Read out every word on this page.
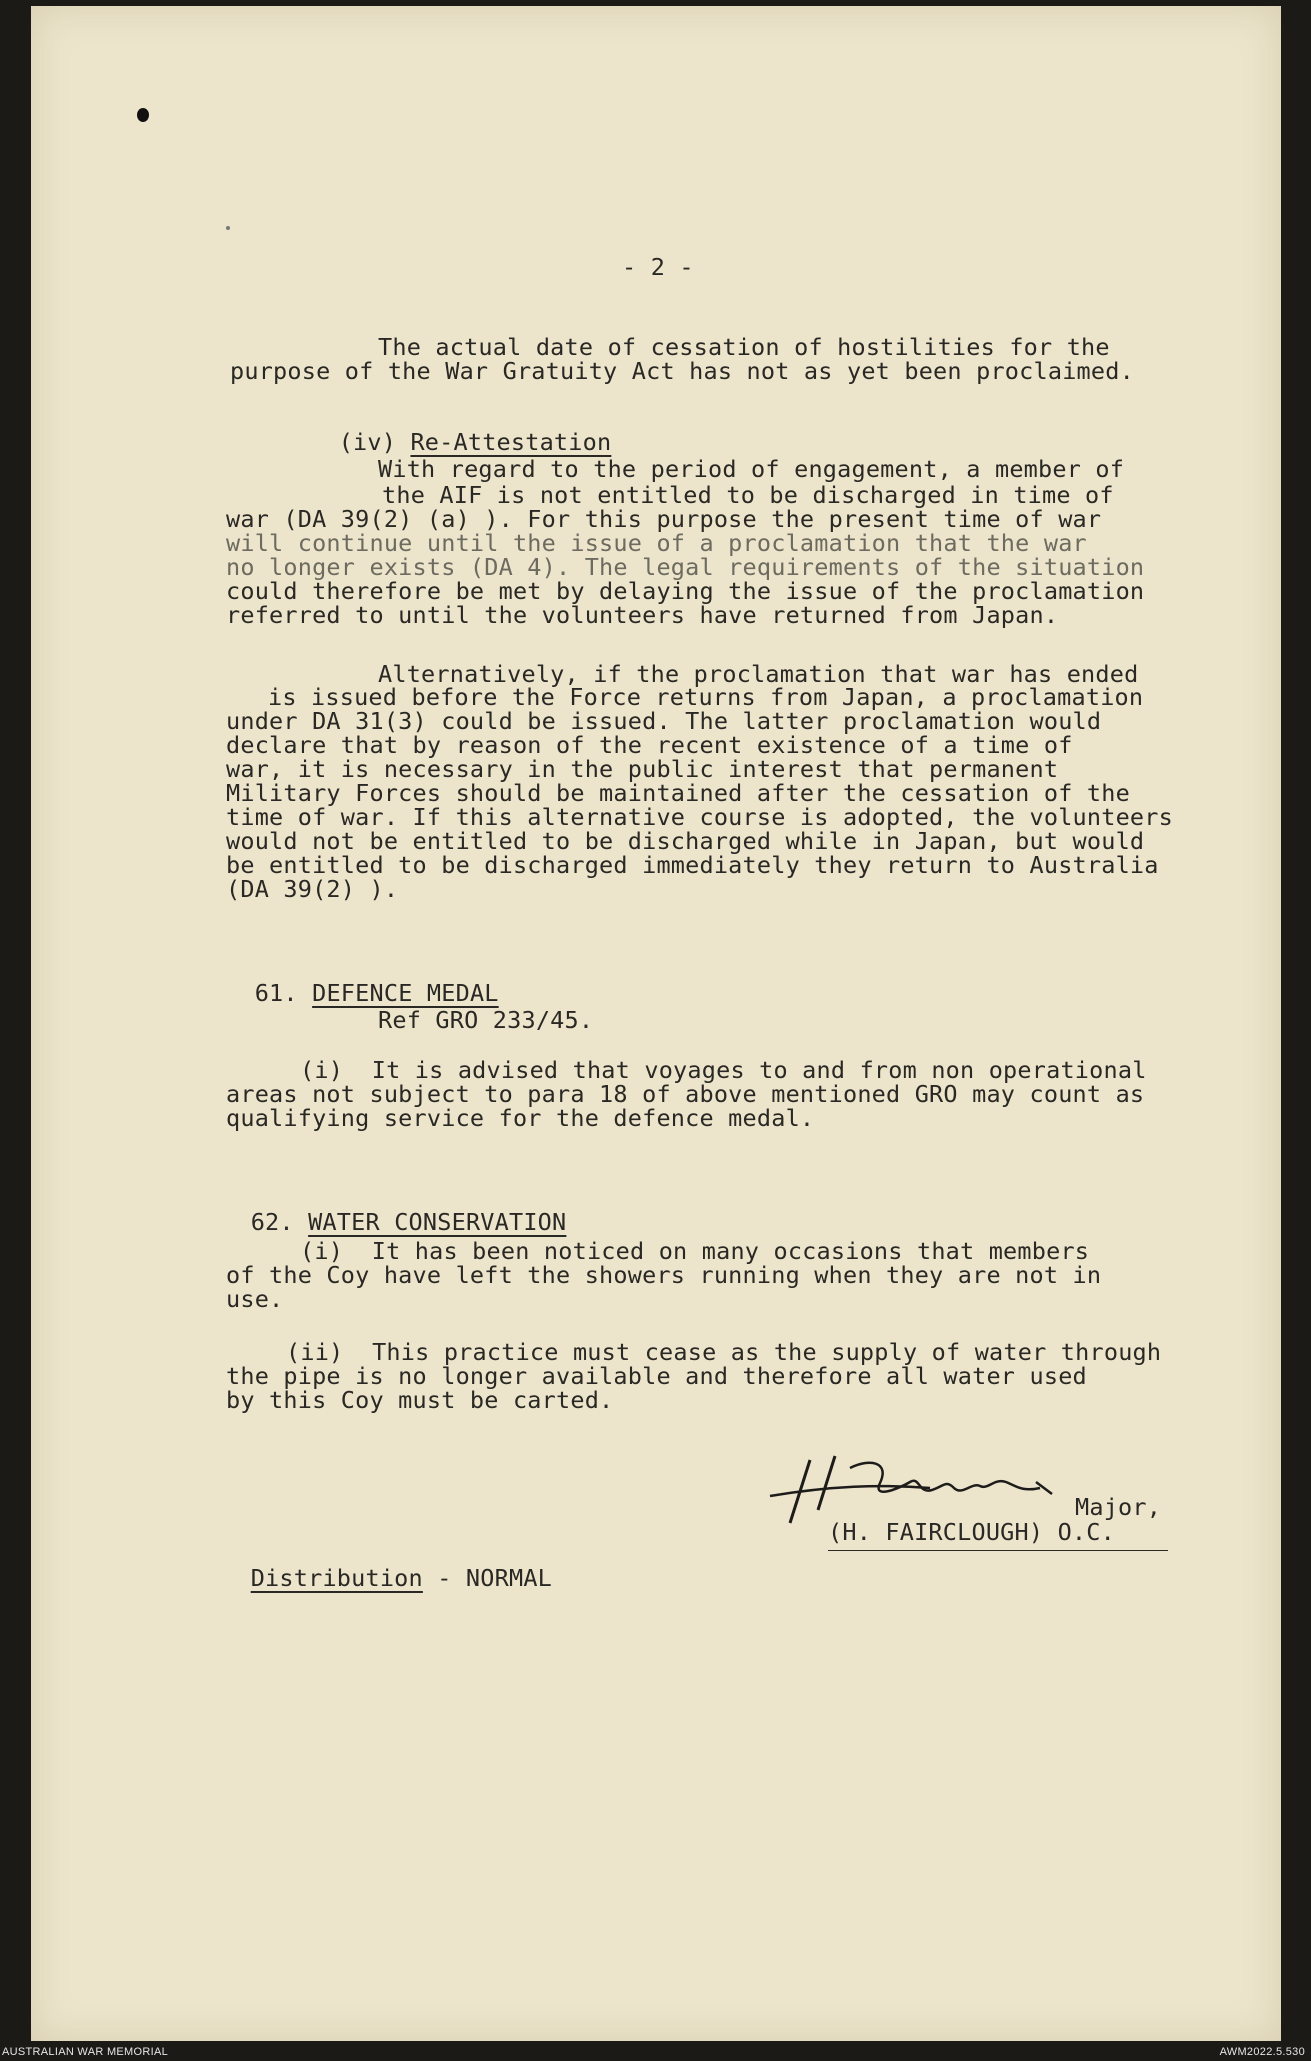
- 2 -
The actual date of cessation of hostilities for the
purpose of the War Gratuity Act has not as yet been proclaimed.

(iv) Re-Attestation

With regard to the period of engagement, a member of
the AIF is not entitled to be discharged in time of
war (DA 39(2) (a) ). For this purpose the present time of war
will continue until the issue of a proclamation that the war
no longer exists (DA 4). The legal requirements of the situation
could therefore be met by delaying the issue of the proclamation
referred to until the volunteers have returned from Japan.
Alternatively, if the proclamation that war has ended
is issued before the Force returns from Japan, a proclamation
under DA 31(3) could be issued. The latter proclamation would
declare that by reason of the recent existence of a time of
war, it is necessary in the public interest that permanent
Military Forces should be maintained after the cessation of the
time of war. If this alternative course is adopted, the volunteers
would not be entitled to be discharged while in Japan, but would
be entitled to be discharged immediately they return to Australia
(DA 39(2) ).

61. DEFENCE MEDAL

Ref GRO 233/45.
(i)  It is advised that voyages to and from non operational
areas not subject to para 18 of above mentioned GRO may count as
qualifying service for the defence medal.

62. WATER CONSERVATION

(i)  It has been noticed on many occasions that members
of the Coy have left the showers running when they are not in
use.
(ii)  This practice must cease as the supply of water through
the pipe is no longer available and therefore all water used
by this Coy must be carted.
Major,
(H. FAIRCLOUGH) O.C.

Distribution - NORMAL

AUSTRALIAN WAR MEMORIAL	AWM2022.5.530
